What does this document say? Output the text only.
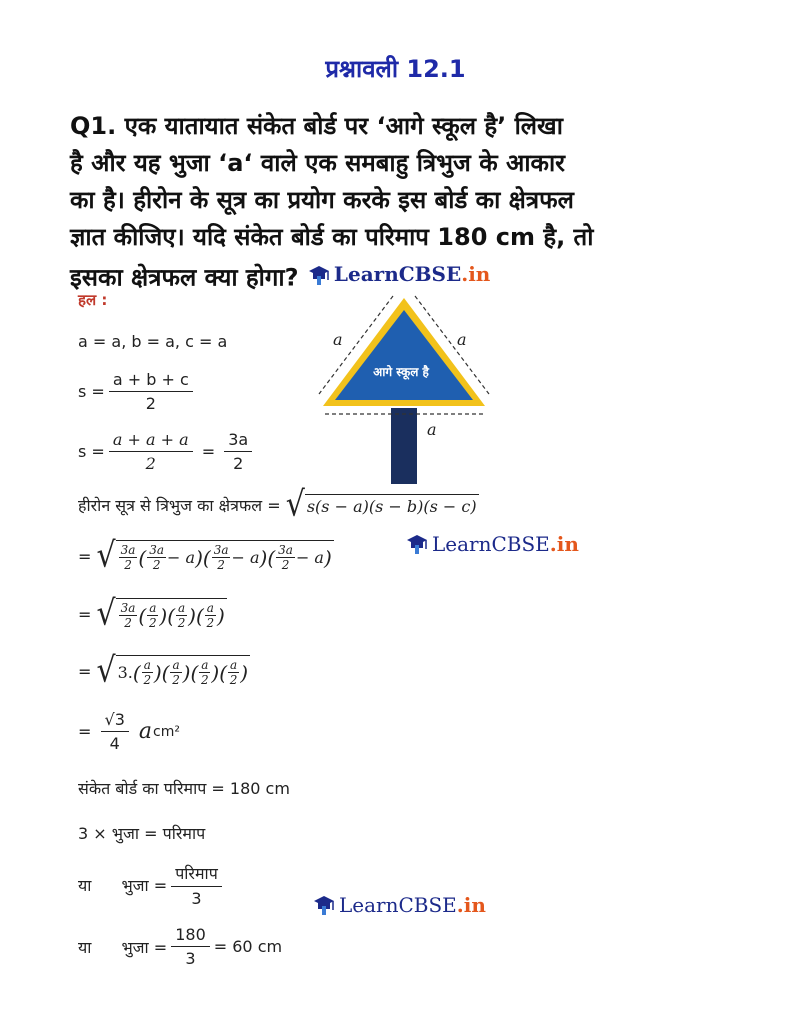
प्रश्नावली 12.1
Q1. एक यातायात संकेत बोर्ड पर ‘आगे स्कूल है’ लिखा
है और यह भुजा ‘a‘ वाले एक समबाहु त्रिभुज के आकार
का है। हीरोन के सूत्र का प्रयोग करके इस बोर्ड का क्षेत्रफल
ज्ञात कीजिए। यदि संकेत बोर्ड का परिमाप 180 cm है, तो
इसका क्षेत्रफल क्या होगा? LearnCBSE .in
हल :
a = a, b = a, c = a
$s = \frac{a + b + c}{2}$
$s = \frac{a + a + a}{2} = \frac{3a}{2}$
आगे स्कूल है
a	a
a
हीरोन सूत्र से त्रिभुज का क्षेत्रफल =
√ s(s − a)(s − b)(s − c)
= √ 3a
2 ( 3a
2 − a ) ( 3a
2 − a ) ( 3a
2 − a )
= √ 3a
2 ( a
2 ) ( a
2 ) ( a
2 )
= √ 3. ( a
2 ) ( a
2 ) ( a
2 ) ( a
2 )
= $\frac{√3}{4}$ a cm²
संकेत बोर्ड का परिमाप = 180 cm
3 × भुजा = परिमाप
या भुजा = $\frac{\text{परिमाप}}{3}$
LearnCBSE .in
LearnCBSE .in
या भुजा = $\frac{180}{3} = 60$ cm
